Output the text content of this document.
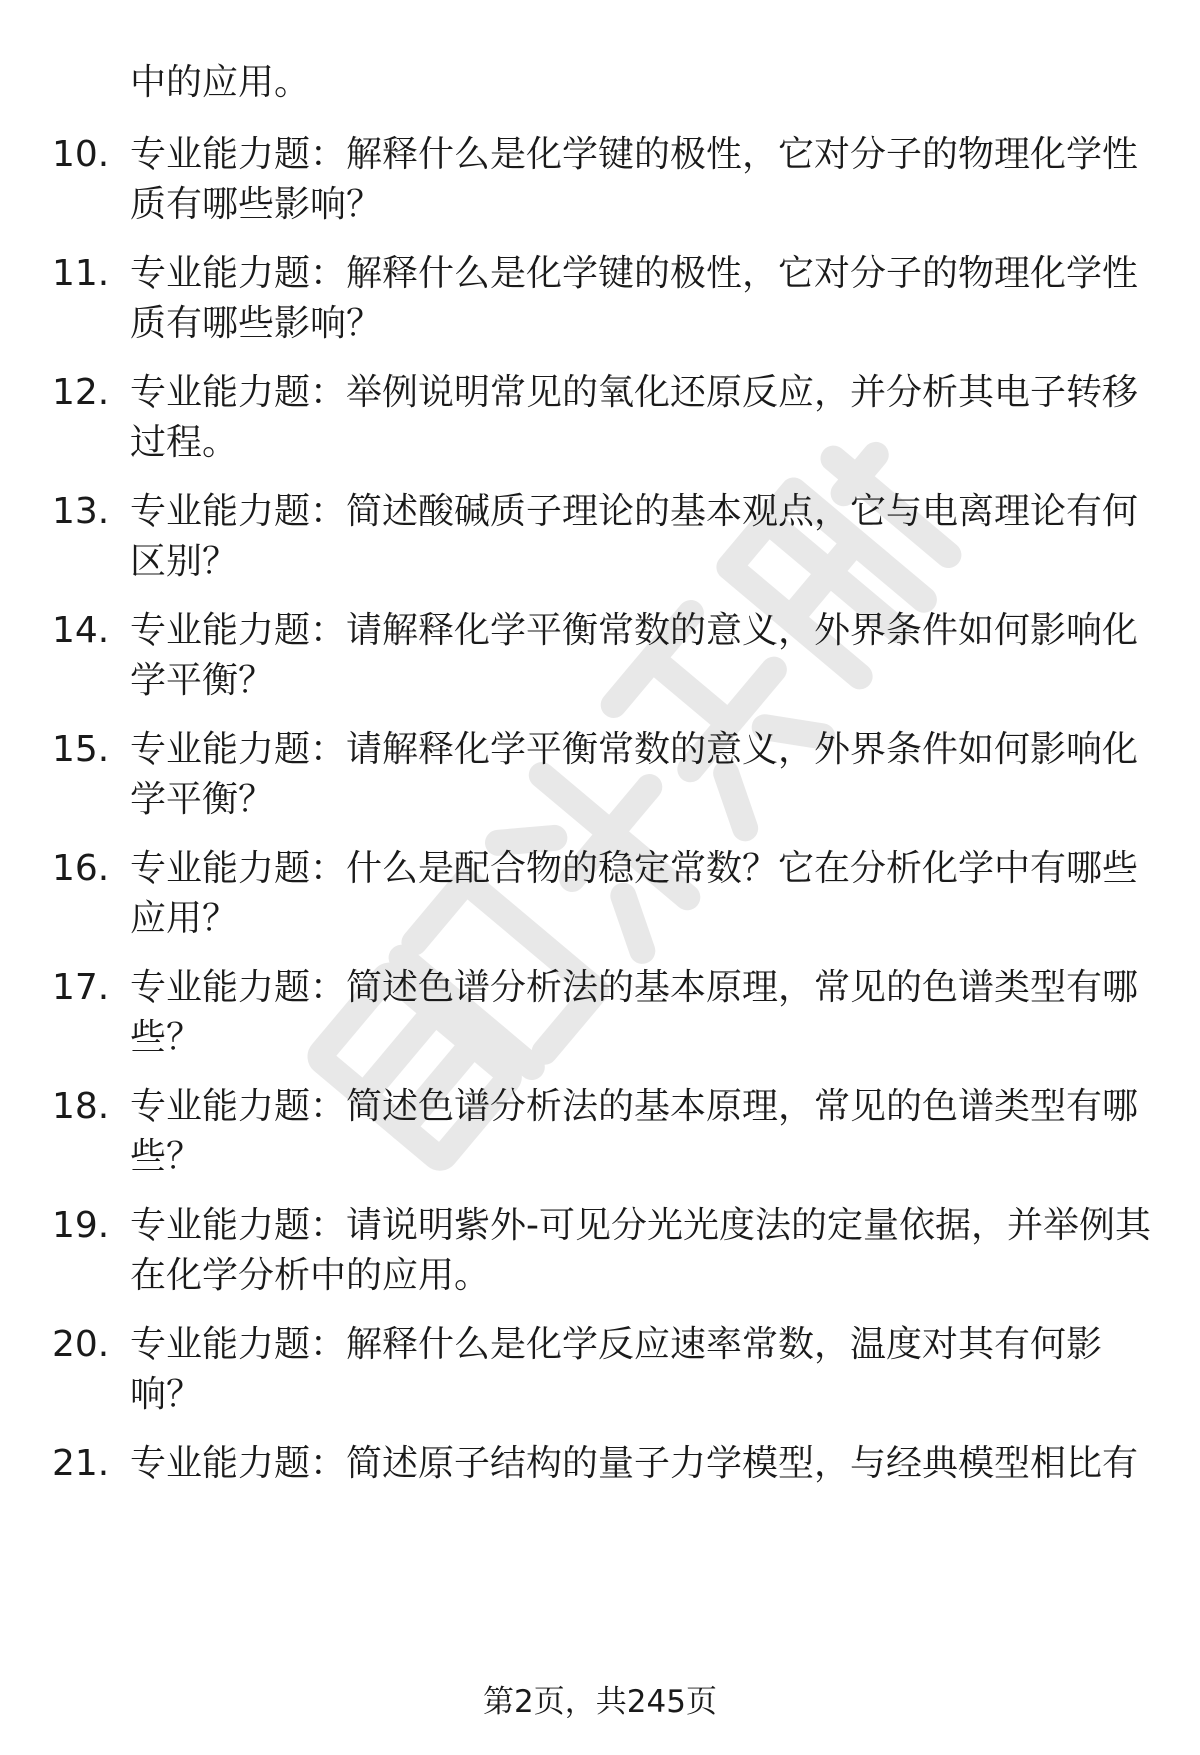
中的应用。
10. 专业能力题：解释什么是化学键的极性，它对分子的物理化学性
质有哪些影响？
11. 专业能力题：解释什么是化学键的极性，它对分子的物理化学性
质有哪些影响？
12. 专业能力题：举例说明常见的氧化还原反应，并分析其电子转移
过程。
13. 专业能力题：简述酸碱质子理论的基本观点，它与电离理论有何
区别？
14. 专业能力题：请解释化学平衡常数的意义，外界条件如何影响化
学平衡？
15. 专业能力题：请解释化学平衡常数的意义，外界条件如何影响化
学平衡？
16. 专业能力题：什么是配合物的稳定常数？它在分析化学中有哪些
应用？
17. 专业能力题：简述色谱分析法的基本原理，常见的色谱类型有哪
些？
18. 专业能力题：简述色谱分析法的基本原理，常见的色谱类型有哪
些？
19. 专业能力题：请说明紫外-可见分光光度法的定量依据，并举例其
在化学分析中的应用。
20. 专业能力题：解释什么是化学反应速率常数，温度对其有何影
响？
21. 专业能力题：简述原子结构的量子力学模型，与经典模型相比有
第2页，共245页
